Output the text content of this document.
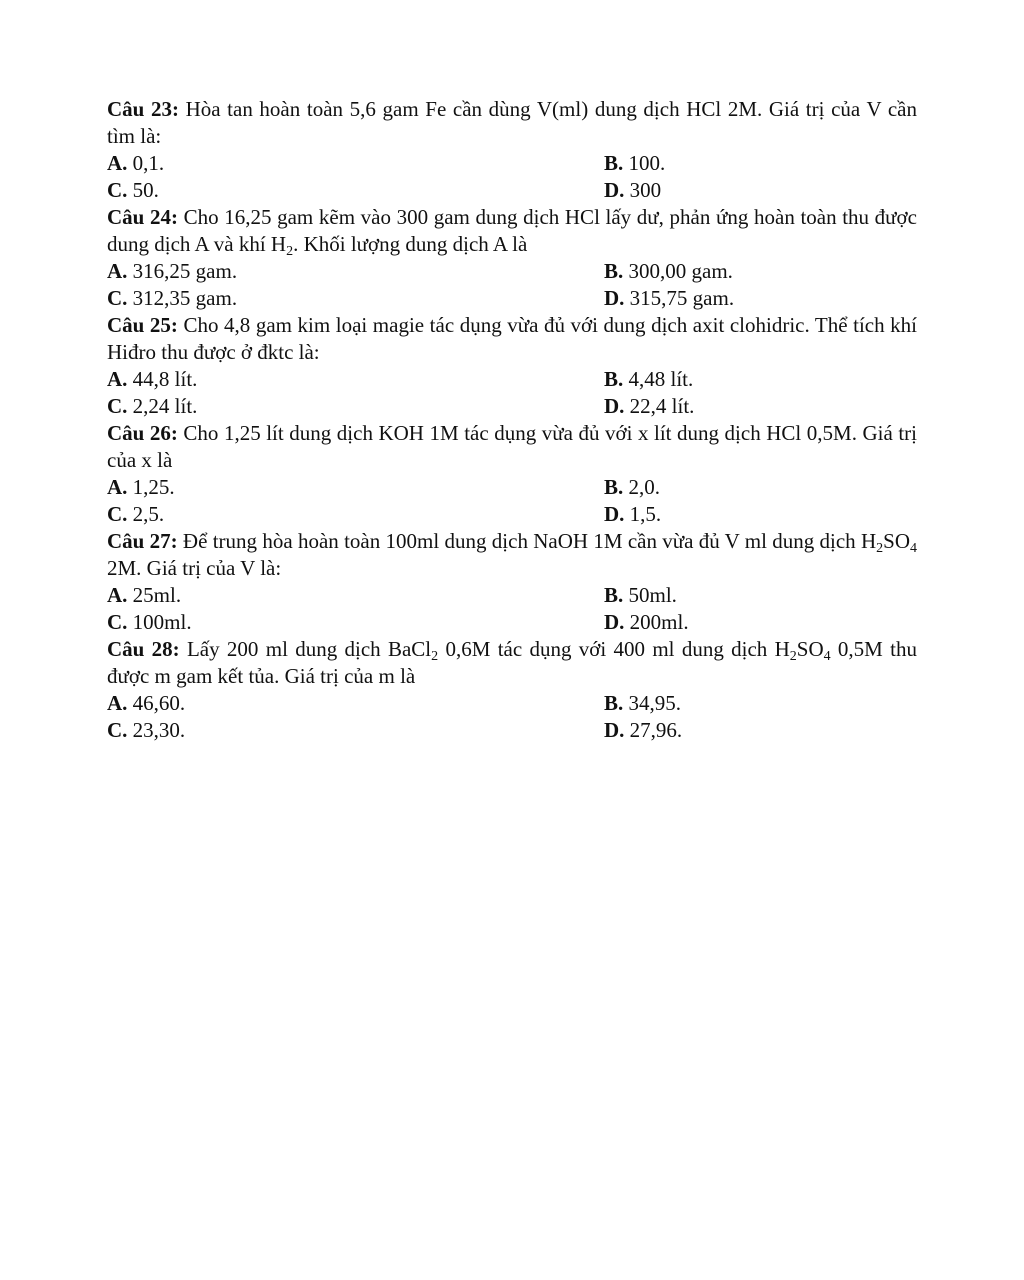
Câu 23: Hòa tan hoàn toàn 5,6 gam Fe cần dùng V(ml) dung dịch HCl 2M. Giá trị của V cần tìm là:
A. 0,1.	B. 100.
C. 50.	D. 300
Câu 24: Cho 16,25 gam kẽm vào 300 gam dung dịch HCl lấy dư, phản ứng hoàn toàn thu được dung dịch A và khí $H_2$. Khối lượng dung dịch A là
A. 316,25 gam.	B. 300,00 gam.
C. 312,35 gam.	D. 315,75 gam.
Câu 25: Cho 4,8 gam kim loại magie tác dụng vừa đủ với dung dịch axit clohidric. Thể tích khí Hiđro thu được ở đktc là:
A. 44,8 lít.	B. 4,48 lít.
C. 2,24 lít.	D. 22,4 lít.
Câu 26: Cho 1,25 lít dung dịch KOH 1M tác dụng vừa đủ với x lít dung dịch HCl 0,5M. Giá trị của x là
A. 1,25.	B. 2,0.
C. 2,5.	D. 1,5.
Câu 27: Để trung hòa hoàn toàn 100ml dung dịch NaOH 1M cần vừa đủ V ml dung dịch $H_2SO_4$ 2M. Giá trị của V là:
A. 25ml.	B. 50ml.
C. 100ml.	D. 200ml.
Câu 28: Lấy 200 ml dung dịch BaCl$_2$ 0,6M tác dụng với 400 ml dung dịch $H_2SO_4$ 0,5M thu được m gam kết tủa. Giá trị của m là
A. 46,60.	B. 34,95.
C. 23,30.	D. 27,96.
